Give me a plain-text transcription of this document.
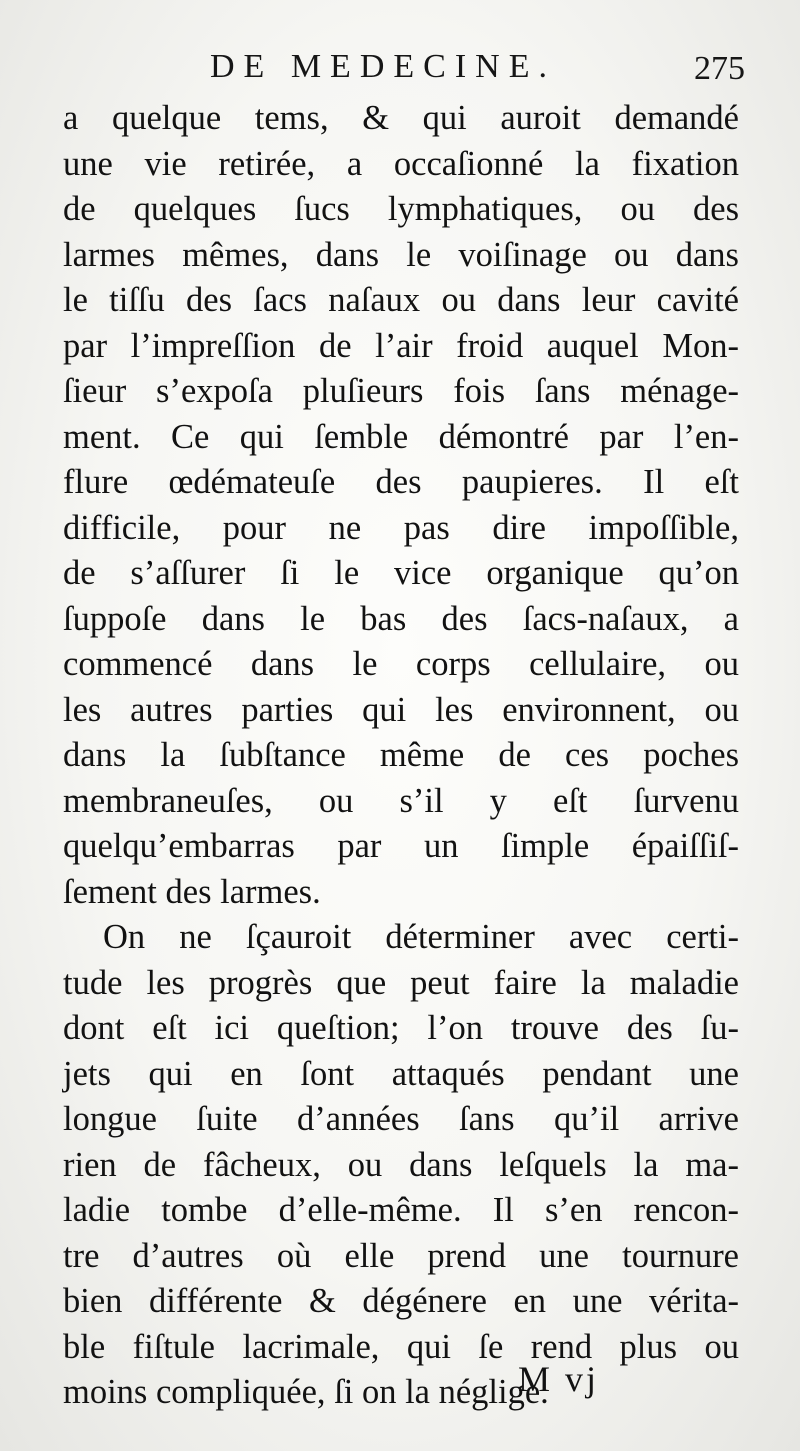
DE MEDECINE.	275
a quelque tems, & qui auroit demandé
une vie retirée, a occaſionné la fixation
de quelques ſucs lymphatiques, ou des
larmes mêmes, dans le voiſinage ou dans
le tiſſu des ſacs naſaux ou dans leur cavité
par l’impreſſion de l’air froid auquel Mon-
ſieur s’expoſa pluſieurs fois ſans ménage-
ment. Ce qui ſemble démontré par l’en-
flure œdémateuſe des paupieres. Il eſt
difficile, pour ne pas dire impoſſible,
de s’aſſurer ſi le vice organique qu’on
ſuppoſe dans le bas des ſacs-naſaux, a
commencé dans le corps cellulaire, ou
les autres parties qui les environnent, ou
dans la ſubſtance même de ces poches
membraneuſes, ou s’il y eſt ſurvenu
quelqu’embarras par un ſimple épaiſſiſ-
ſement des larmes.
On ne ſçauroit déterminer avec certi-
tude les progrès que peut faire la maladie
dont eſt ici queſtion; l’on trouve des ſu-
jets qui en ſont attaqués pendant une
longue ſuite d’années ſans qu’il arrive
rien de fâcheux, ou dans leſquels la ma-
ladie tombe d’elle-même. Il s’en rencon-
tre d’autres où elle prend une tournure
bien différente & dégénere en une vérita-
ble fiſtule lacrimale, qui ſe rend plus ou
moins compliquée, ſi on la néglige.
M vj
